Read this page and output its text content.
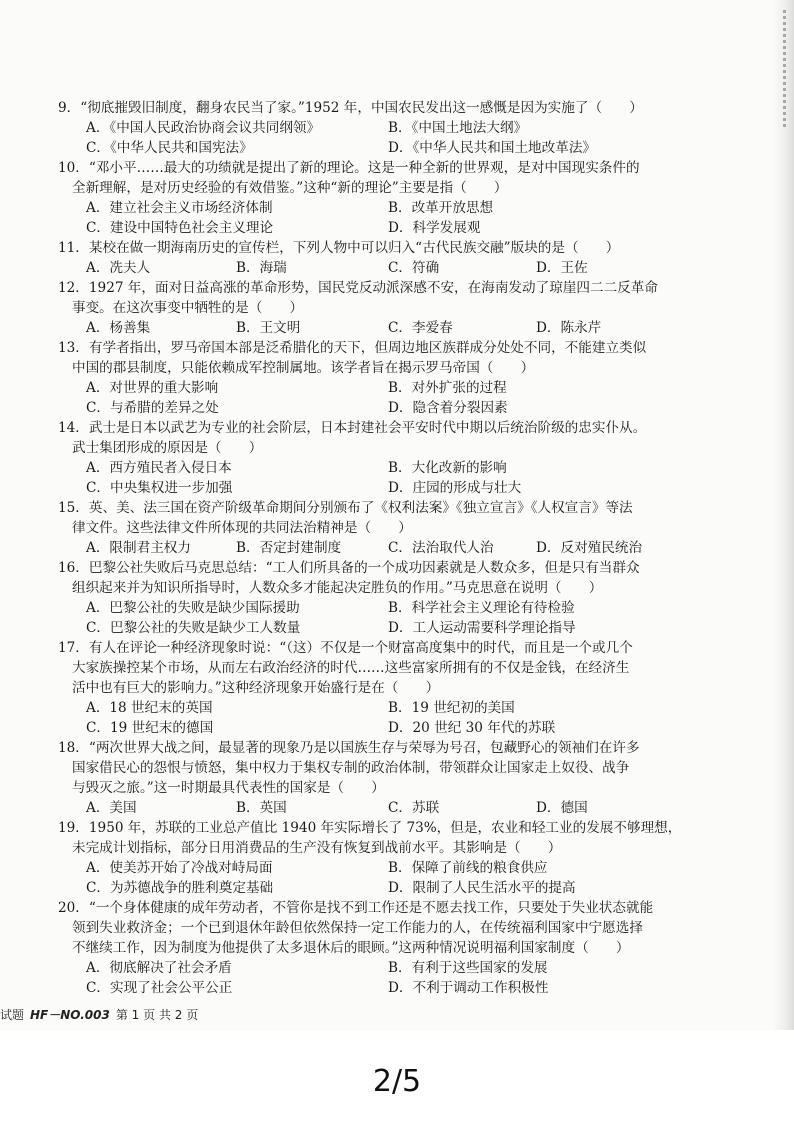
9．“彻底摧毁旧制度，翻身农民当了家。”1952 年，中国农民发出这一感慨是因为实施了（　　）
A．《中国人民政治协商会议共同纲领》	B．《中国土地法大纲》
C．《中华人民共和国宪法》	D．《中华人民共和国土地改革法》
10．“邓小平……最大的功绩就是提出了新的理论。这是一种全新的世界观，是对中国现实条件的
全新理解，是对历史经验的有效借鉴。”这种“新的理论”主要是指（　　）
A．建立社会主义市场经济体制	B．改革开放思想
C．建设中国特色社会主义理论	D．科学发展观
11．某校在做一期海南历史的宣传栏，下列人物中可以归入“古代民族交融”版块的是（　　）
A．冼夫人	B．海瑞	C．符确	D．王佐
12．1927 年，面对日益高涨的革命形势，国民党反动派深感不安，在海南发动了琼崖四二二反革命
事变。在这次事变中牺牲的是（　　）
A．杨善集	B．王文明	C．李爱春	D．陈永芹
13．有学者指出，罗马帝国本部是泛希腊化的天下，但周边地区族群成分处处不同，不能建立类似
中国的郡县制度，只能依赖成军控制属地。该学者旨在揭示罗马帝国（　　）
A．对世界的重大影响	B．对外扩张的过程
C．与希腊的差异之处	D．隐含着分裂因素
14．武士是日本以武艺为专业的社会阶层，日本封建社会平安时代中期以后统治阶级的忠实仆从。
武士集团形成的原因是（　　）
A．西方殖民者入侵日本	B．大化改新的影响
C．中央集权进一步加强	D．庄园的形成与壮大
15．英、美、法三国在资产阶级革命期间分别颁布了《权利法案》《独立宣言》《人权宣言》等法
律文件。这些法律文件所体现的共同法治精神是（　　）
A．限制君主权力	B．否定封建制度	C．法治取代人治	D．反对殖民统治
16．巴黎公社失败后马克思总结：“工人们所具备的一个成功因素就是人数众多，但是只有当群众
组织起来并为知识所指导时，人数众多才能起决定胜负的作用。”马克思意在说明（　　）
A．巴黎公社的失败是缺少国际援助	B．科学社会主义理论有待检验
C．巴黎公社的失败是缺少工人数量	D．工人运动需要科学理论指导
17．有人在评论一种经济现象时说：“（这）不仅是一个财富高度集中的时代，而且是一个或几个
大家族操控某个市场，从而左右政治经济的时代……这些富家所拥有的不仅是金钱，在经济生
活中也有巨大的影响力。”这种经济现象开始盛行是在（　　）
A．18 世纪末的英国	B．19 世纪初的美国
C．19 世纪末的德国	D．20 世纪 30 年代的苏联
18．“两次世界大战之间，最显著的现象乃是以国族生存与荣辱为号召，包藏野心的领袖们在许多
国家借民心的怨恨与愤怒，集中权力于集权专制的政治体制，带领群众让国家走上奴役、战争
与毁灭之旅。”这一时期最具代表性的国家是（　　）
A．美国	B．英国	C．苏联	D．德国
19．1950 年，苏联的工业总产值比 1940 年实际增长了 73%，但是，农业和轻工业的发展不够理想，
未完成计划指标，部分日用消费品的生产没有恢复到战前水平。其影响是（　　）
A．使美苏开始了冷战对峙局面	B．保障了前线的粮食供应
C．为苏德战争的胜利奠定基础	D．限制了人民生活水平的提高
20．“一个身体健康的成年劳动者，不管你是找不到工作还是不愿去找工作，只要处于失业状态就能
领到失业救济金；一个已到退休年龄但依然保持一定工作能力的人，在传统福利国家中宁愿选择
不继续工作，因为制度为他提供了太多退休后的眼顾。”这两种情况说明福利国家制度（　　）
A．彻底解决了社会矛盾	B．有利于这些国家的发展
C．实现了社会公平公正	D．不利于调动工作积极性
试题 HF－NO.003 第 1 页 共 2 页
2/5
